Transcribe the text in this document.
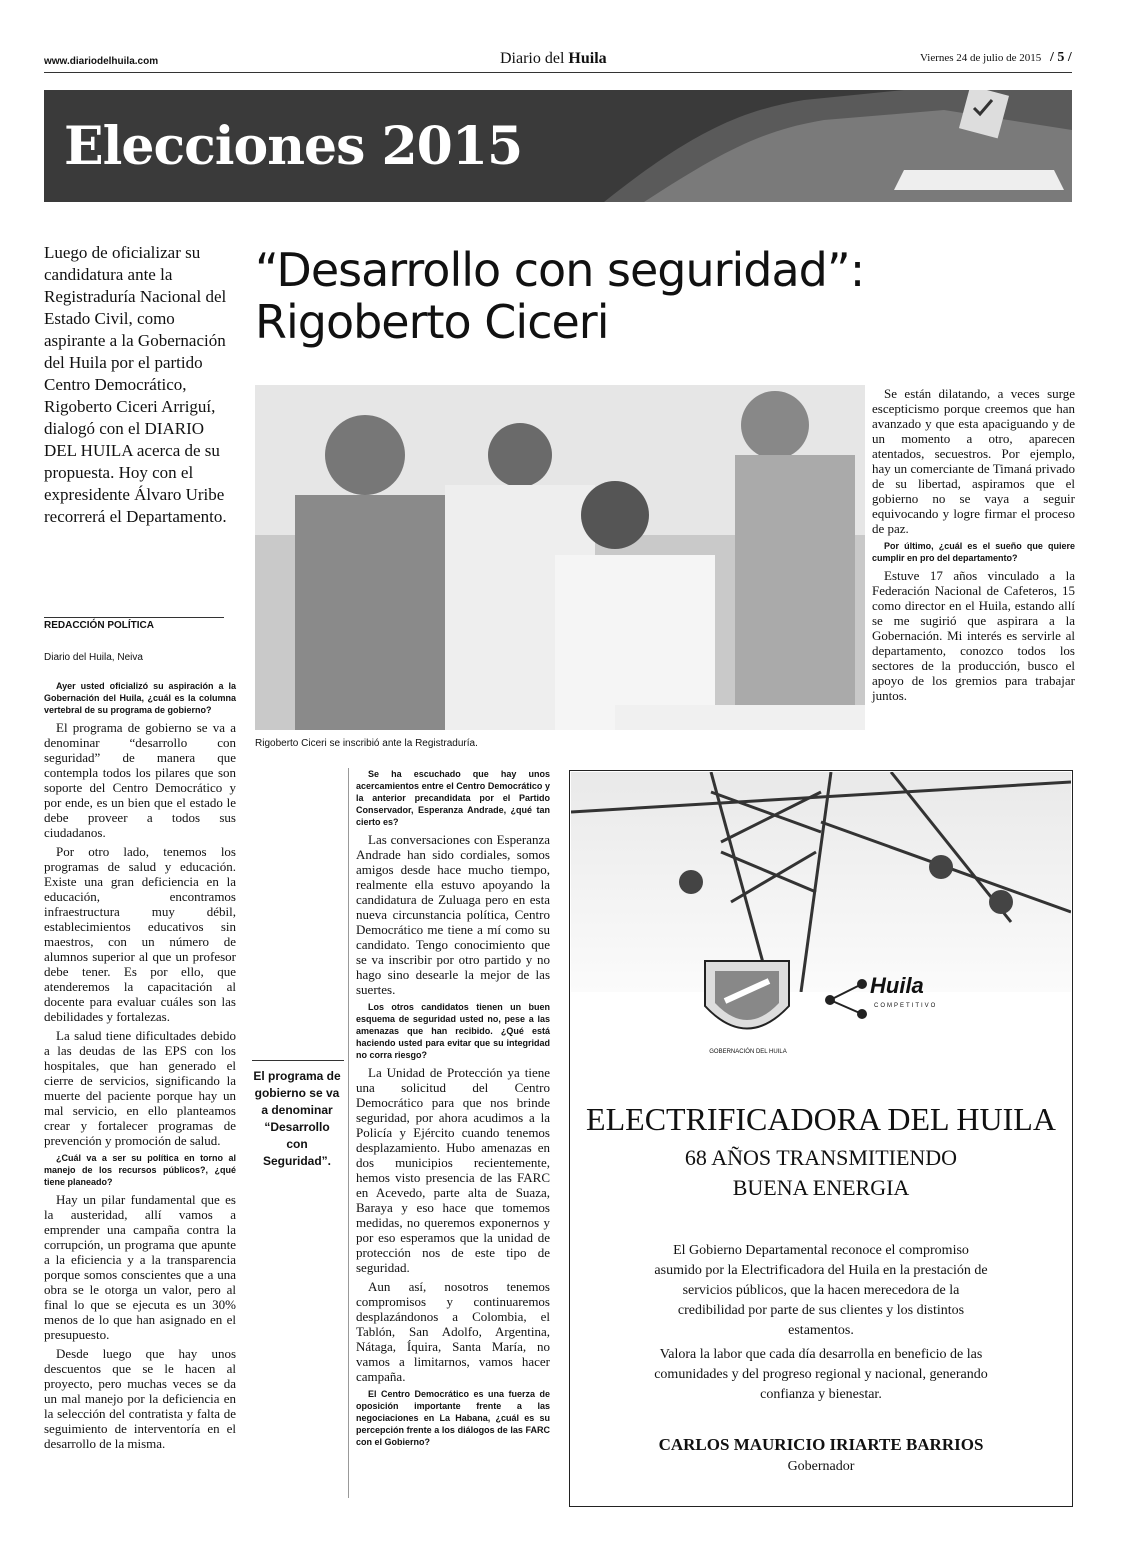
www.diariodelhuila.com	Diario del Huila	Viernes 24 de julio de 2015 / 5 /
Elecciones 2015
Luego de oficializar su candidatura ante la Registraduría Nacional del Estado Civil, como aspirante a la Gobernación del Huila por el partido Centro Democrático, Rigoberto Ciceri Arriguí, dialogó con el DIARIO DEL HUILA acerca de su propuesta. Hoy con el expresidente Álvaro Uribe recorrerá el Departamento.
REDACCIÓN POLÍTICA
Diario del Huila, Neiva
“Desarrollo con seguridad”:
Rigoberto Ciceri
Rigoberto Ciceri se inscribió ante la Registraduría.

Ayer usted oficializó su aspiración a la Gobernación del Huila, ¿cuál es la columna vertebral de su programa de gobierno?

El programa de gobierno se va a denominar “desarrollo con seguridad” de manera que contempla todos los pilares que son soporte del Centro Democrático y por ende, es un bien que el estado le debe proveer a todos sus ciudadanos.

Por otro lado, tenemos los programas de salud y educación. Existe una gran deficiencia en la educación, encontramos infraestructura muy débil, establecimientos educativos sin maestros, con un número de alumnos superior al que un profesor debe tener. Es por ello, que atenderemos la capacitación al docente para evaluar cuáles son las debilidades y fortalezas.

La salud tiene dificultades debido a las deudas de las EPS con los hospitales, que han generado el cierre de servicios, significando la muerte del paciente porque hay un mal servicio, en ello planteamos crear y fortalecer programas de prevención y promoción de salud.

¿Cuál va a ser su política en torno al manejo de los recursos públicos?, ¿qué tiene planeado?

Hay un pilar fundamental que es la austeridad, allí vamos a emprender una campaña contra la corrupción, un programa que apunte a la eficiencia y a la transparencia porque somos conscientes que a una obra se le otorga un valor, pero al final lo que se ejecuta es un 30% menos de lo que han asignado en el presupuesto.

Desde luego que hay unos descuentos que se le hacen al proyecto, pero muchas veces se da un mal manejo por la deficiencia en la selección del contratista y falta de seguimiento de interventoría en el desarrollo de la misma.

El programa de gobierno se va a denominar “Desarrollo con Seguridad”.

Se ha escuchado que hay unos acercamientos entre el Centro Democrático y la anterior precandidata por el Partido Conservador, Esperanza Andrade, ¿qué tan cierto es?

Las conversaciones con Esperanza Andrade han sido cordiales, somos amigos desde hace mucho tiempo, realmente ella estuvo apoyando la candidatura de Zuluaga pero en esta nueva circunstancia política, Centro Democrático me tiene a mí como su candidato. Tengo conocimiento que se va inscribir por otro partido y no hago sino desearle la mejor de las suertes.

Los otros candidatos tienen un buen esquema de seguridad usted no, pese a las amenazas que han recibido. ¿Qué está haciendo usted para evitar que su integridad no corra riesgo?

La Unidad de Protección ya tiene una solicitud del Centro Democrático para que nos brinde seguridad, por ahora acudimos a la Policía y Ejército cuando tenemos desplazamiento. Hubo amenazas en dos municipios recientemente, hemos visto presencia de las FARC en Acevedo, parte alta de Suaza, Baraya y eso hace que tomemos medidas, no queremos exponernos y por eso esperamos que la unidad de protección nos de este tipo de seguridad.

Aun así, nosotros tenemos compromisos y continuaremos desplazándonos a Colombia, el Tablón, San Adolfo, Argentina, Nátaga, Íquira, Santa María, no vamos a limitarnos, vamos hacer campaña.

El Centro Democrático es una fuerza de oposición importante frente a las negociaciones en La Habana, ¿cuál es su percepción frente a los diálogos de las FARC con el Gobierno?

Se están dilatando, a veces surge escepticismo porque creemos que han avanzado y que esta apaciguando y de un momento a otro, aparecen atentados, secuestros. Por ejemplo, hay un comerciante de Timaná privado de su libertad, aspiramos que el gobierno no se vaya a seguir equivocando y logre firmar el proceso de paz.

Por último, ¿cuál es el sueño que quiere cumplir en pro del departamento?

Estuve 17 años vinculado a la Federación Nacional de Cafeteros, 15 como director en el Huila, estando allí se me sugirió que aspirara a la Gobernación. Mi interés es servirle al departamento, conozco todos los sectores de la producción, busco el apoyo de los gremios para trabajar juntos.

GOBERNACIÓN DEL HUILA
Huila
COMPETITIVO
ELECTRIFICADORA DEL HUILA
68 AÑOS TRANSMITIENDO
BUENA ENERGIA
El Gobierno Departamental reconoce el compromiso asumido por la Electrificadora del Huila en la prestación de servicios públicos, que la hacen merecedora de la credibilidad por parte de sus clientes y los distintos estamentos.
Valora la labor que cada día desarrolla en beneficio de las comunidades y del progreso regional y nacional, generando confianza y bienestar.
CARLOS MAURICIO IRIARTE BARRIOS
Gobernador
